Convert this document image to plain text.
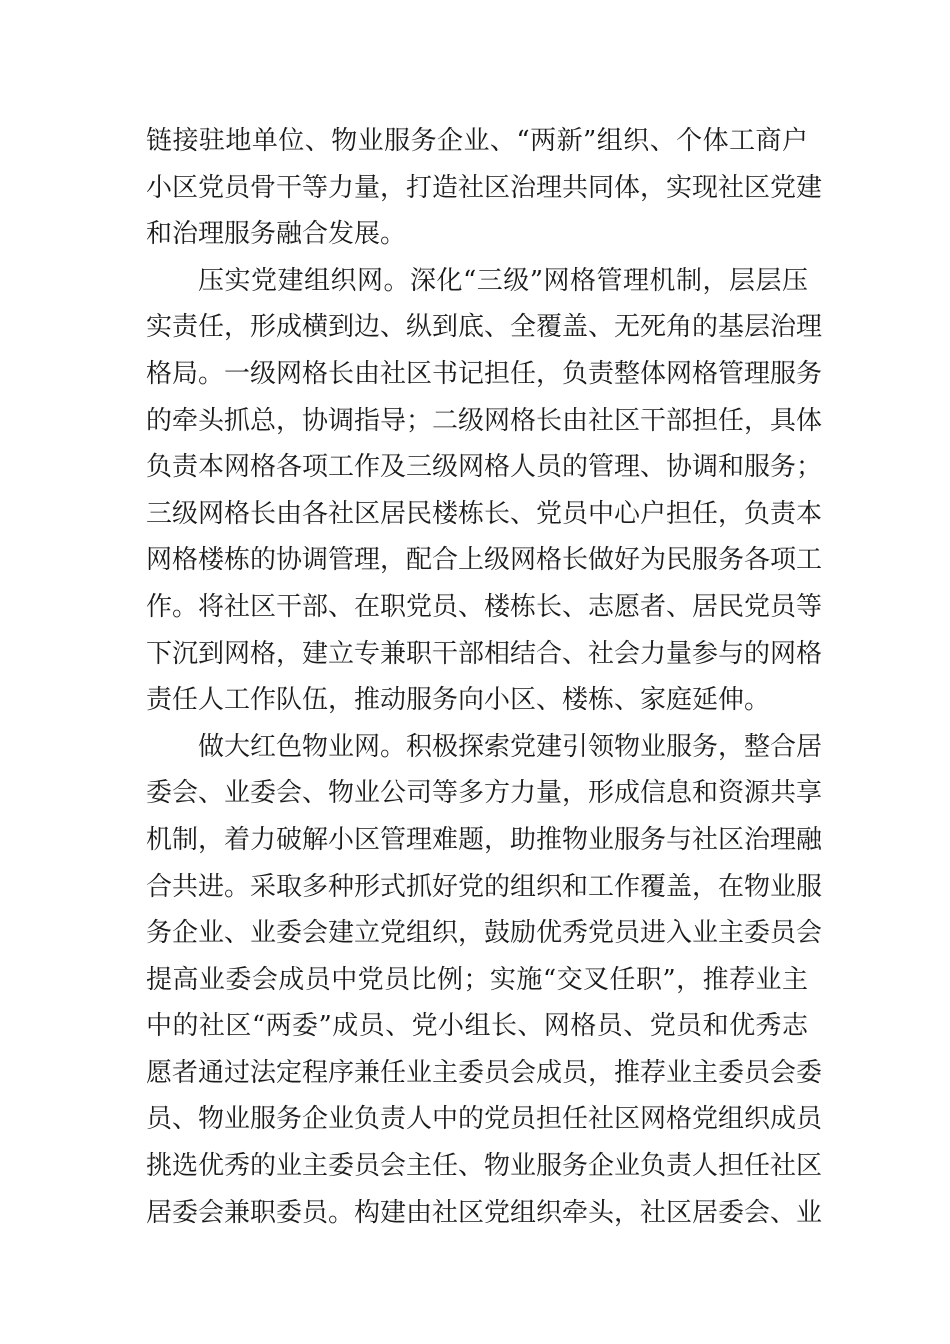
链接驻地单位、物业服务企业、“两新”组织、个体工商户
小区党员骨干等力量，打造社区治理共同体，实现社区党建
和治理服务融合发展。
压实党建组织网。深化“三级”网格管理机制，层层压
实责任，形成横到边、纵到底、全覆盖、无死角的基层治理
格局。一级网格长由社区书记担任，负责整体网格管理服务
的牵头抓总，协调指导；二级网格长由社区干部担任，具体
负责本网格各项工作及三级网格人员的管理、协调和服务；
三级网格长由各社区居民楼栋长、党员中心户担任，负责本
网格楼栋的协调管理，配合上级网格长做好为民服务各项工
作。将社区干部、在职党员、楼栋长、志愿者、居民党员等
下沉到网格，建立专兼职干部相结合、社会力量参与的网格
责任人工作队伍，推动服务向小区、楼栋、家庭延伸。
做大红色物业网。积极探索党建引领物业服务，整合居
委会、业委会、物业公司等多方力量，形成信息和资源共享
机制，着力破解小区管理难题，助推物业服务与社区治理融
合共进。采取多种形式抓好党的组织和工作覆盖，在物业服
务企业、业委会建立党组织，鼓励优秀党员进入业主委员会
提高业委会成员中党员比例；实施“交叉任职”，推荐业主
中的社区“两委”成员、党小组长、网格员、党员和优秀志
愿者通过法定程序兼任业主委员会成员，推荐业主委员会委
员、物业服务企业负责人中的党员担任社区网格党组织成员
挑选优秀的业主委员会主任、物业服务企业负责人担任社区
居委会兼职委员。构建由社区党组织牵头，社区居委会、业
